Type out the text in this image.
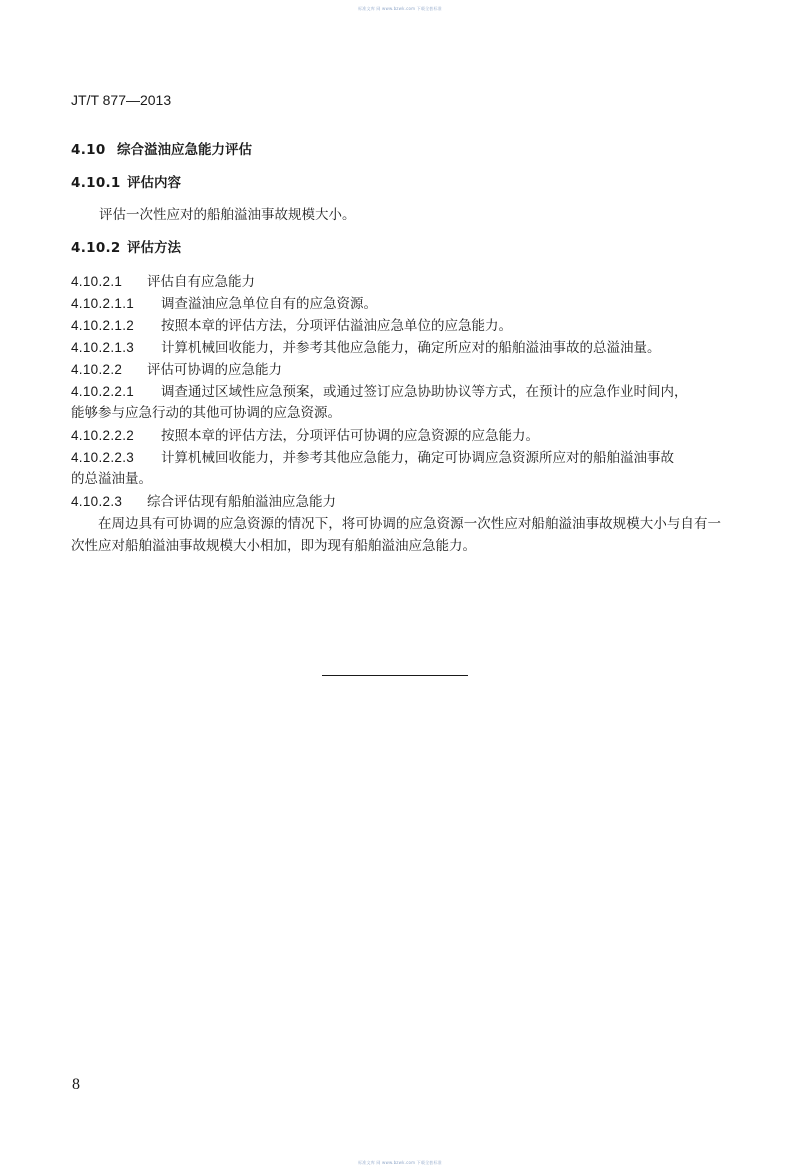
标准文库 网 www.bzwk.com 下载全套标准
JT/T 877—2013
4.10 综合溢油应急能力评估
4.10.1 评估内容
评估一次性应对的船舶溢油事故规模大小。
4.10.2 评估方法
4.10.2.1 评估自有应急能力
4.10.2.1.1 调查溢油应急单位自有的应急资源。
4.10.2.1.2 按照本章的评估方法，分项评估溢油应急单位的应急能力。
4.10.2.1.3 计算机械回收能力，并参考其他应急能力，确定所应对的船舶溢油事故的总溢油量。
4.10.2.2 评估可协调的应急能力
4.10.2.2.1 调查通过区域性应急预案，或通过签订应急协助协议等方式，在预计的应急作业时间内，
能够参与应急行动的其他可协调的应急资源。
4.10.2.2.2 按照本章的评估方法，分项评估可协调的应急资源的应急能力。
4.10.2.2.3 计算机械回收能力，并参考其他应急能力，确定可协调应急资源所应对的船舶溢油事故
的总溢油量。
4.10.2.3 综合评估现有船舶溢油应急能力
在周边具有可协调的应急资源的情况下，将可协调的应急资源一次性应对船舶溢油事故规模大小与自有一次性应对船舶溢油事故规模大小相加，即为现有船舶溢油应急能力。
8
标准文库 网 www.bzwk.com 下载全套标准
